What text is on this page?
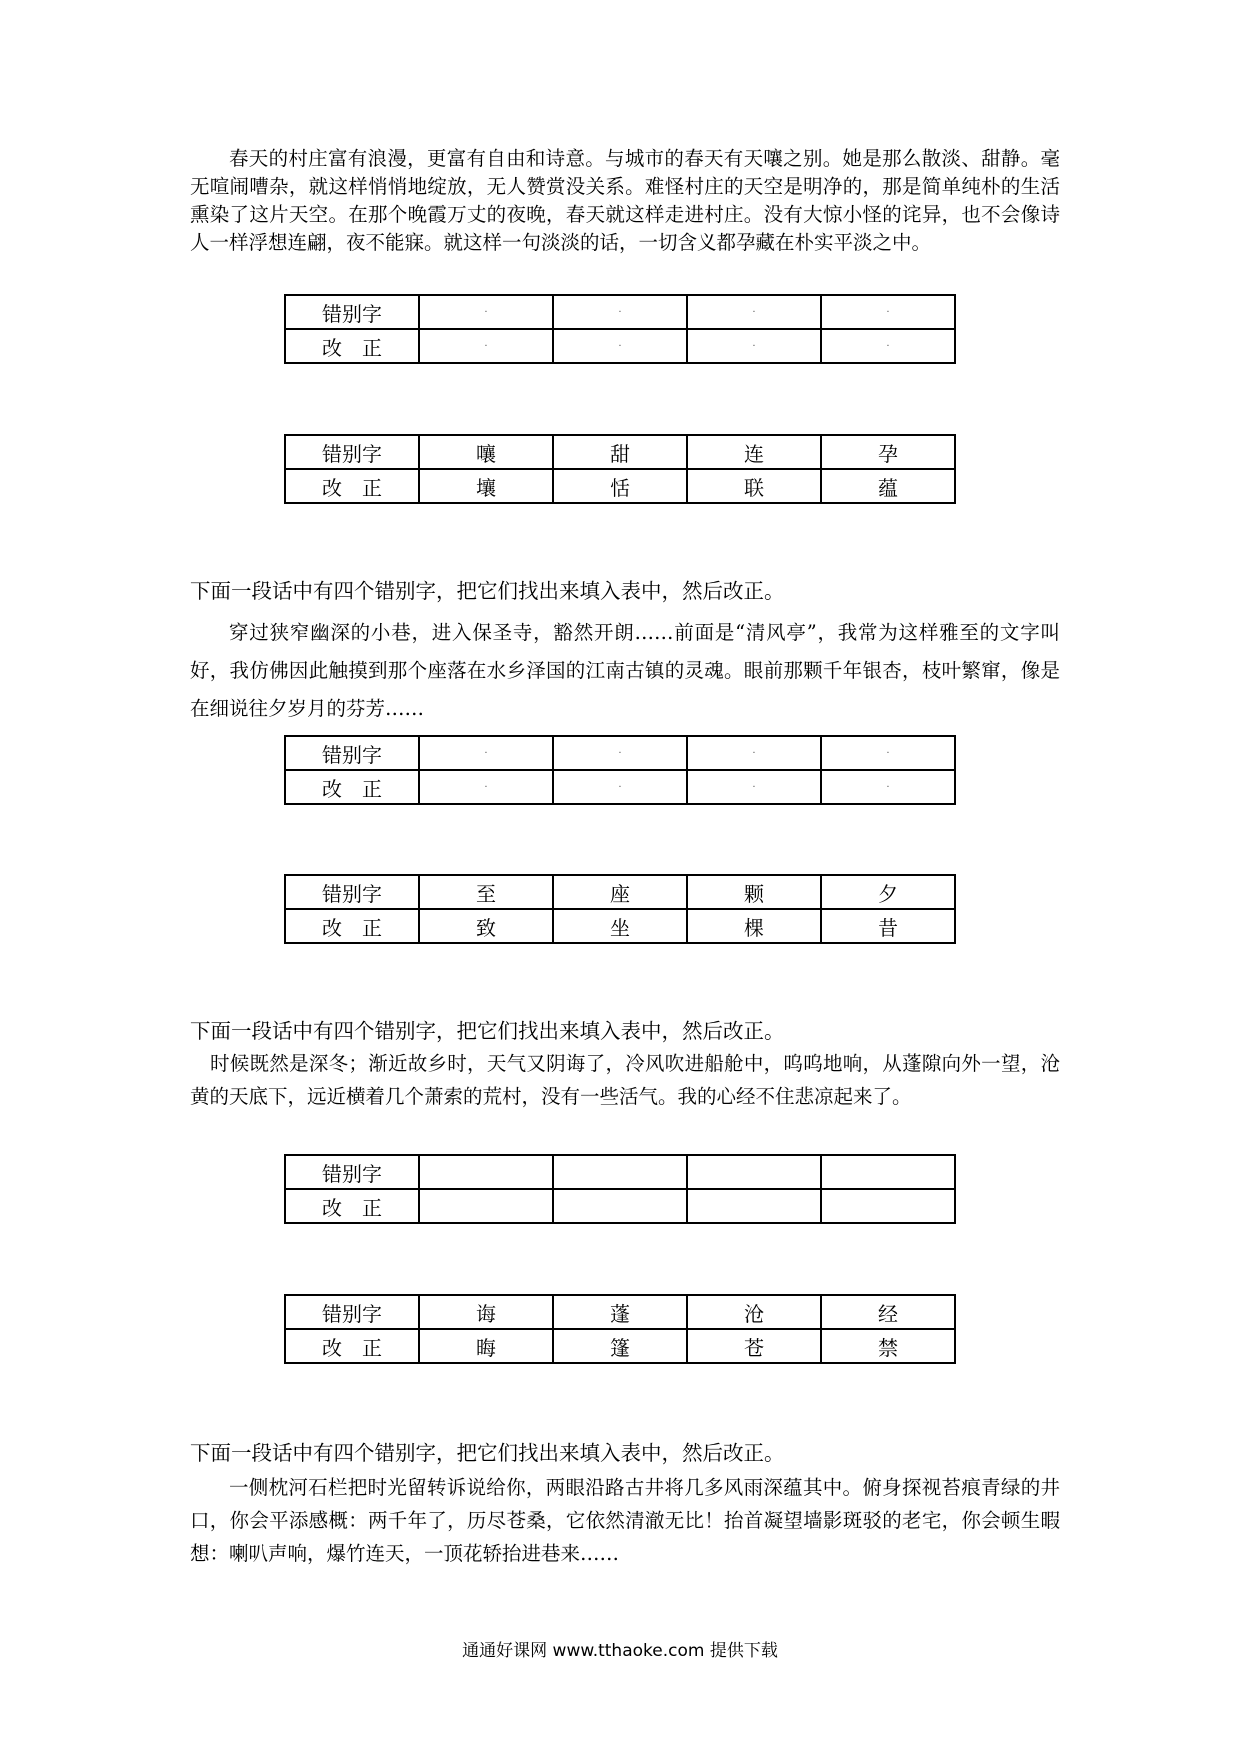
春天的村庄富有浪漫，更富有自由和诗意。与城市的春天有天嚷之别。她是那么散淡、甜静。毫无喧闹嘈杂，就这样悄悄地绽放，无人赞赏没关系。难怪村庄的天空是明净的，那是简单纯朴的生活熏染了这片天空。在那个晚霞万丈的夜晚，春天就这样走进村庄。没有大惊小怪的诧异，也不会像诗人一样浮想连翩，夜不能寐。就这样一句淡淡的话，一切含义都孕藏在朴实平淡之中。

错别字	·	·	·	·
改　正	·	·	·	·
错别字	嚷	甜	连	孕
改　正	壤	恬	联	蕴

下面一段话中有四个错别字，把它们找出来填入表中，然后改正。

穿过狭窄幽深的小巷，进入保圣寺，豁然开朗……前面是“清风亭”，我常为这样雅至的文字叫好，我仿佛因此触摸到那个座落在水乡泽国的江南古镇的灵魂。眼前那颗千年银杏，枝叶繁窜，像是在细说往夕岁月的芬芳……

错别字	·	·	·	·
改　正	·	·	·	·
错别字	至	座	颗	夕
改　正	致	坐	棵	昔

下面一段话中有四个错别字，把它们找出来填入表中，然后改正。

时候既然是深冬；渐近故乡时，天气又阴诲了，冷风吹进船舱中，呜呜地响，从蓬隙向外一望，沧黄的天底下，远近横着几个萧索的荒村，没有一些活气。我的心经不住悲凉起来了。

错别字				
改　正				
错别字	诲	蓬	沧	经
改　正	晦	篷	苍	禁

下面一段话中有四个错别字，把它们找出来填入表中，然后改正。

一侧枕河石栏把时光留转诉说给你，两眼沿路古井将几多风雨深蕴其中。俯身探视苔痕青绿的井口，你会平添感概：两千年了，历尽苍桑，它依然清澈无比！抬首凝望墙影斑驳的老宅，你会顿生暇想：喇叭声响，爆竹连天，一顶花轿抬进巷来……

通通好课网 www.tthaoke.com 提供下载
